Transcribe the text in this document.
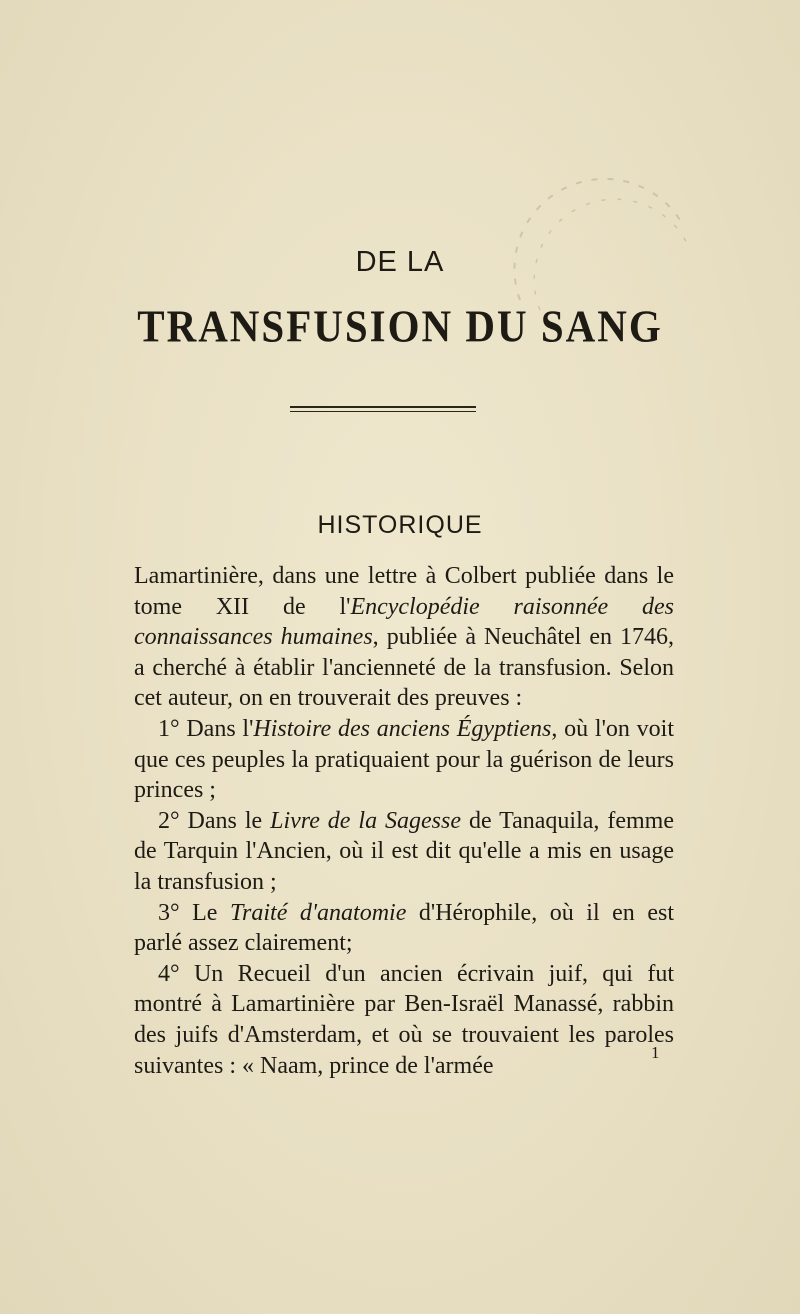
DE LA
TRANSFUSION DU SANG
HISTORIQUE

Lamartinière, dans une lettre à Colbert publiée dans le tome XII de l'Encyclopédie raisonnée des connaissances humaines, publiée à Neuchâtel en 1746, a cherché à établir l'ancienneté de la transfusion. Selon cet auteur, on en trouverait des preuves :

1° Dans l'Histoire des anciens Égyptiens, où l'on voit que ces peuples la pratiquaient pour la guérison de leurs princes ;

2° Dans le Livre de la Sagesse de Tanaquila, femme de Tarquin l'Ancien, où il est dit qu'elle a mis en usage la transfusion ;

3° Le Traité d'anatomie d'Hérophile, où il en est parlé assez clairement;

4° Un Recueil d'un ancien écrivain juif, qui fut montré à Lamartinière par Ben-Israël Manassé, rabbin des juifs d'Amsterdam, et où se trouvaient les paroles suivantes : « Naam, prince de l'armée	1
